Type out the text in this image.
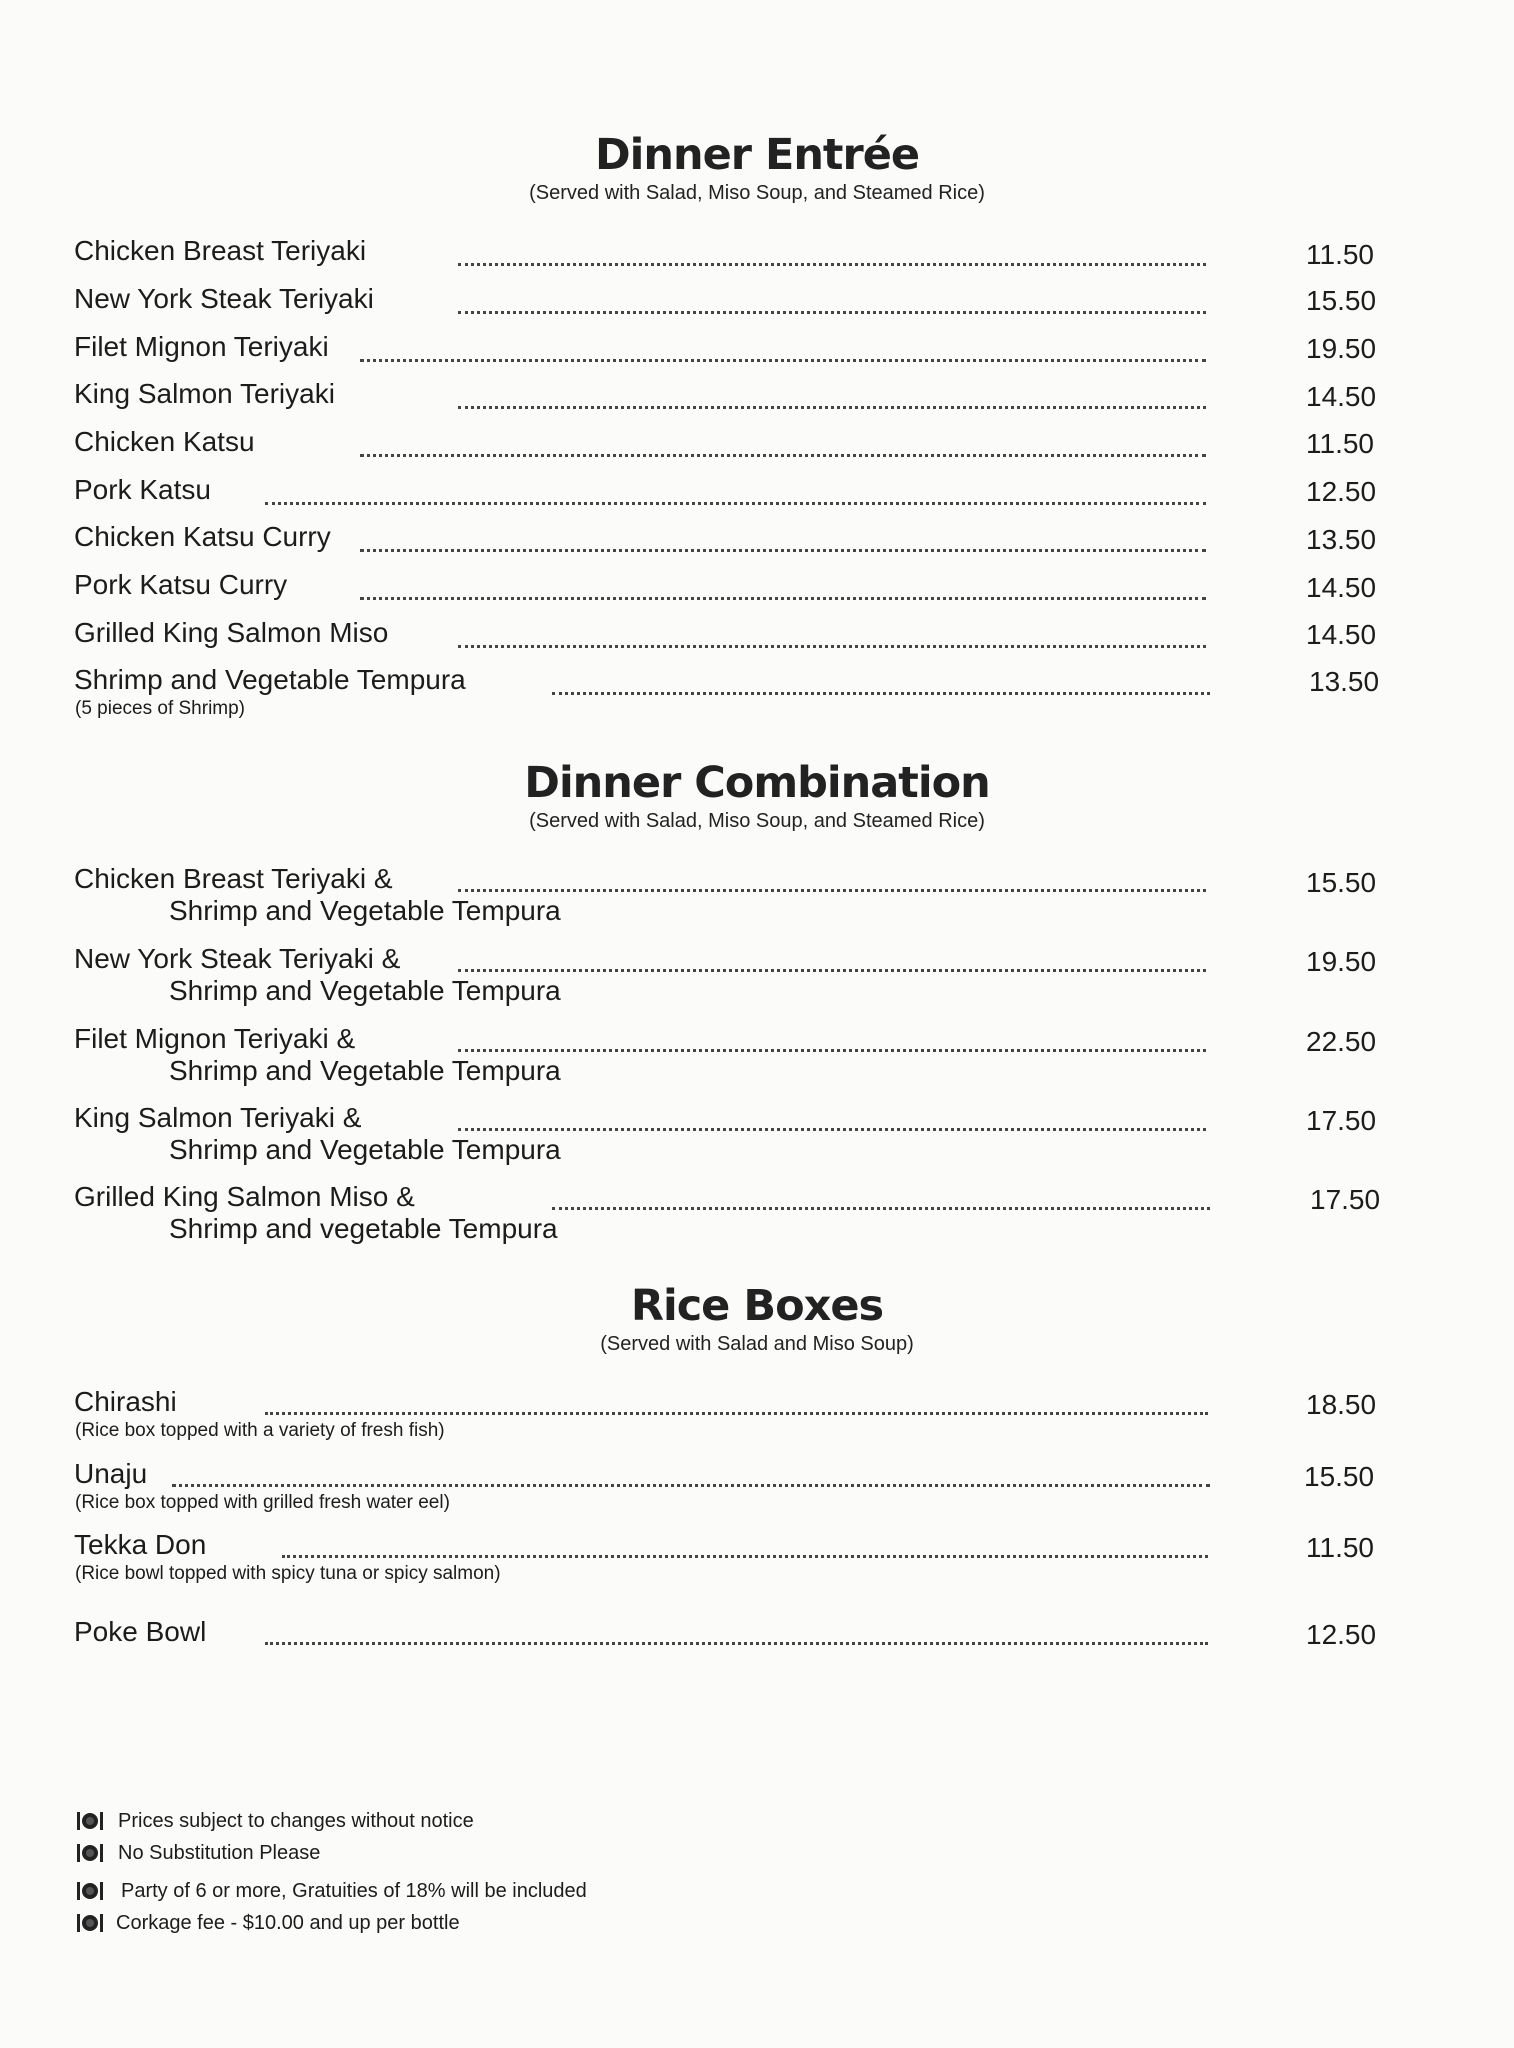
Dinner Entrée

(Served with Salad, Miso Soup, and Steamed Rice)

Chicken Breast Teriyaki	11.50
New York Steak Teriyaki	15.50
Filet Mignon Teriyaki	19.50
King Salmon Teriyaki	14.50
Chicken Katsu	11.50
Pork Katsu	12.50
Chicken Katsu Curry	13.50
Pork Katsu Curry	14.50
Grilled King Salmon Miso	14.50
Shrimp and Vegetable Tempura	13.50
(5 pieces of Shrimp)
Dinner Combination

(Served with Salad, Miso Soup, and Steamed Rice)

Chicken Breast Teriyaki &
Shrimp and Vegetable Tempura
15.50
New York Steak Teriyaki &
Shrimp and Vegetable Tempura
19.50
Filet Mignon Teriyaki &
Shrimp and Vegetable Tempura
22.50
King Salmon Teriyaki &
Shrimp and Vegetable Tempura
17.50
Grilled King Salmon Miso &
Shrimp and vegetable Tempura
17.50
Rice Boxes

(Served with Salad and Miso Soup)

Chirashi	18.50
(Rice box topped with a variety of fresh fish)
Unaju	15.50
(Rice box topped with grilled fresh water eel)
Tekka Don	11.50
(Rice bowl topped with spicy tuna or spicy salmon)
Poke Bowl	12.50
Prices subject to changes without notice
No Substitution Please
Party of 6 or more, Gratuities of 18% will be included
Corkage fee - $10.00 and up per bottle
